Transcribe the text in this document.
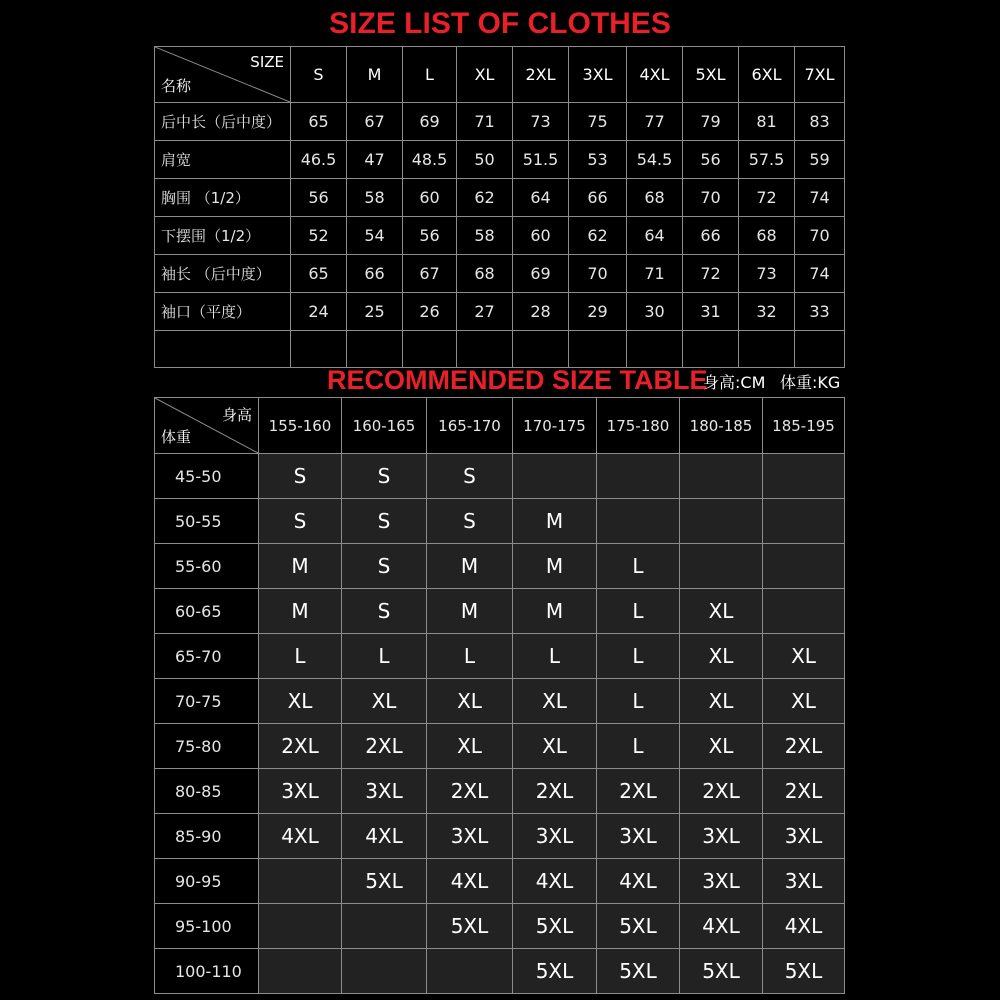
SIZE LIST OF CLOTHES
SIZE
名称	S	M	L	XL	2XL	3XL	4XL	5XL	6XL	7XL
后中长（后中度）	65	67	69	71	73	75	77	79	81	83
肩宽	46.5	47	48.5	50	51.5	53	54.5	56	57.5	59
胸围 （1/2）	56	58	60	62	64	66	68	70	72	74
下摆围（1/2）	52	54	56	58	60	62	64	66	68	70
袖长 （后中度）	65	66	67	68	69	70	71	72	73	74
袖口（平度）	24	25	26	27	28	29	30	31	32	33

RECOMMENDED SIZE TABLE
身高:CM 体重:KG
身高
体重	155-160	160-165	165-170	170-175	175-180	180-185	185-195
45-50	S	S	S				
50-55	S	S	S	M			
55-60	M	S	M	M	L		
60-65	M	S	M	M	L	XL	
65-70	L	L	L	L	L	XL	XL
70-75	XL	XL	XL	XL	L	XL	XL
75-80	2XL	2XL	XL	XL	L	XL	2XL
80-85	3XL	3XL	2XL	2XL	2XL	2XL	2XL
85-90	4XL	4XL	3XL	3XL	3XL	3XL	3XL
90-95		5XL	4XL	4XL	4XL	3XL	3XL
95-100			5XL	5XL	5XL	4XL	4XL
100-110				5XL	5XL	5XL	5XL
